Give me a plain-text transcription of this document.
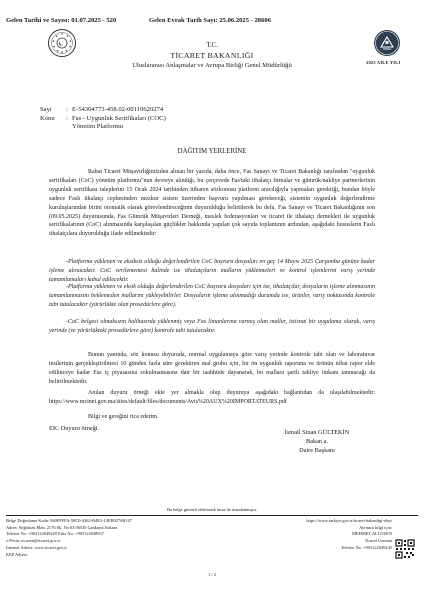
Gelen Tarihi ve Sayısı: 01.07.2025 - 520	Gelen Evrak Tarih Sayı: 25.06.2025 - 28606
2025 AİLE YILI
T.C.
TİCARET BAKANLIĞI
Uluslararası Anlaşmalar ve Avrupa Birliği Genel Müdürlüğü
Sayı	: E-54304773-458.02-00110620274
Konu	: Fas - Uygunluk Sertifikaları (COC)
Yönetim Platformu
DAĞITIM YERLERİNE
Rabat Ticaret Müşavirliğimizden alınan bir yazıda, daha önce, Fas Sanayi ve Ticaret Bakanlığı tarafından "uygunluk sertifikaları (CoC) yönetim platformu"nun devreye alındığı, bu çerçevede Fas'taki ithalatçı firmalar ve gümrük/nakliye partnerlerinin uygunluk sertifikası taleplerini 15 Ocak 2024 tarihinden itibaren sözkonusu platform aracılığıyla yapmaları gerektiği, bundan böyle sadece Faslı ithalatçı cephesinden mezkur sistem üzerinden başvuru yapılması gerekeceği, sistemin uygunluk değerlendirme kuruluşlarından birini otomatik olarak görevlendireceğinin duyurulduğu belirtilerek bu defa, Fas Sanayi ve Ticaret Bakanlığının son (09.05.2025) duyurusunda, Fas Gümrük Müşavirleri Derneği, meslek federasyonları ve ticaret ile ithalatçı dernekleri ile uygunluk sertifikalarının (CoC) alınmasında karşılaşılan güçlükler hakkında yapılan çok sayıda toplantının ardından, aşağıdaki hususların Faslı ithalatçılara duyurulduğu ifade edilmektedir:
-Platforma yüklenen ve eksiksiz olduğu değerlendirilen CoC başvuru dosyaları en geç 14 Mayıs 2025 Çarşamba gününe kadar işleme alınacaktır. CoC verilememesi halinde ise ithalatçıların malların yükletmeleri ve kontrol işlemlerini varış yerinde tamamlamaları kabul edilecektir.
-Platforma yüklenen ve eksik olduğu değerlendirilen CoC başvuru dosyaları için ise, ithalatçılar, dosyaların işleme alınmasının tamamlanmasını beklemeden mallarını yükleyebilirler. Dosyaların işleme alınmadığı durumda ise, ürünler, varış noktasında kontrole tabi tutulacaktır (yürürlükte olan prosedürlere göre).
-CoC belgesi olmaksızın halihazırda yüklenmiş veya Fas limanlarına varmış olan mallar, istisnai bir uygulama olarak, varış yerinde (ve yürürlükteki prosedürlere göre) kontrole tabi tutulacaktır.
Bunun yanında, söz konusu duyuruda, normal uygulamaya göre varış yerinde kontrole tabi olan ve laboratuvar testlerinin gerçekleştirilmesi 10 günden fazla süre gerektiren mal grubu için, bir ön uygunluk raporuna ve ürünün nihai rapor elde edilinceye kadar Fas iç piyasasına sokulmamasına dair bir taahhüde dayanarak, bu mallara şartlı tahliye imkanı tanınacağı da belirtilmektedir.
Anılan duyuru örneği ekte yer almakla olup duyuruya aşağıdaki bağlantıdan da ulaşılabilmektedir: https://www.mcinet.gov.ma/sites/default/files/documents/Avis%20AUX%20IMPORTATEURS.pdf
Bilgi ve gereğini rica ederim.
İsmail Sinan GÜLTEKİN
Bakan a.
Daire Başkanı
EK: Duyuru örneği.
Bu belge güvenli elektronik imza ile imzalanmıştır.
Belge Doğrulama Kodu: 860FFFFA-58C0-4362-B4E2-14EB0276B147
Adres: Söğütözü Mah. 2176 Sk. No:63 06530 Çankaya/Ankara
Telefon No: +903122049245 Faks No: +903122048637
e-Posta: m.ozen@ticaret.gov.tr
İnternet Adresi: www.ticaret.gov.tr
KEP Adresi:
https://www.turkiye.gov.tr/ticaret-bakanligi-ebys
Ayrıntılı bilgi için:
MEHMET ALİ ÖZEN
Ticaret Uzmanı
Telefon No: +903122049245
1 / 2
